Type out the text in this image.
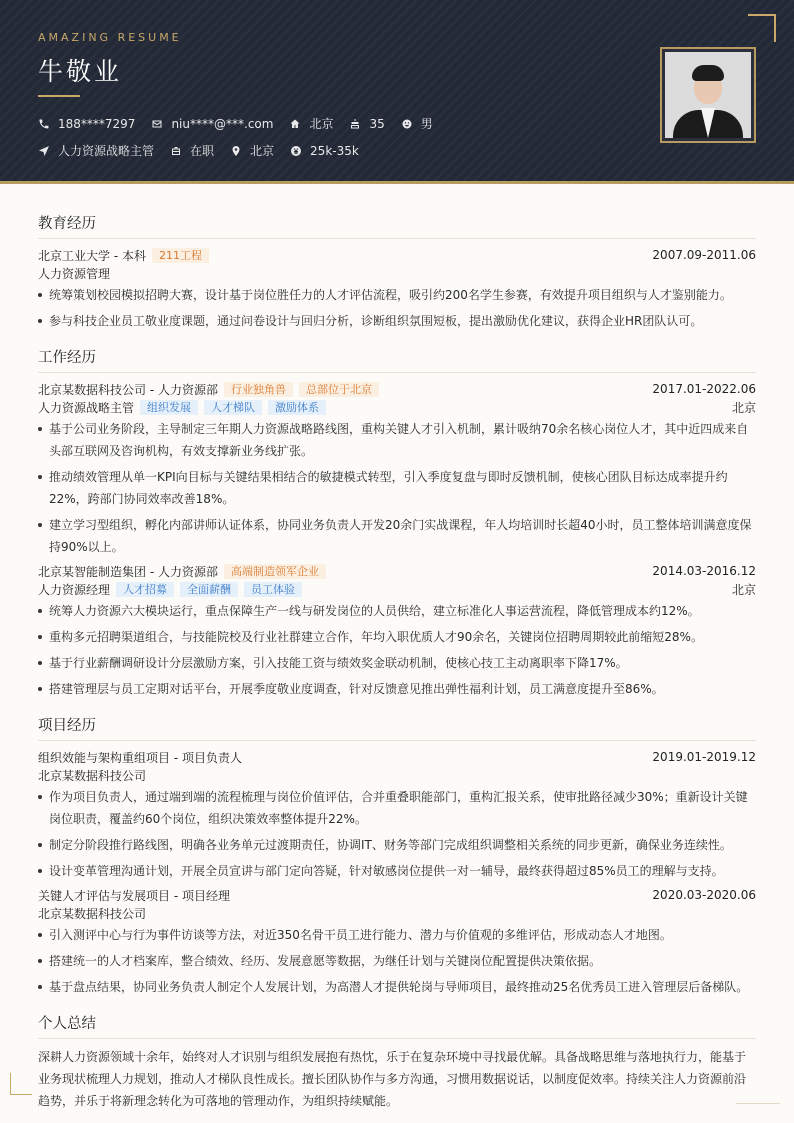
AMAZING RESUME
牛敬业
188****7297	niu****@***.com	北京	35	男
人力资源战略主管	在职	北京	25k-35k
教育经历
北京工业大学 - 本科	211工程	2007.09-2011.06
人力资源管理
统筹策划校园模拟招聘大赛，设计基于岗位胜任力的人才评估流程，吸引约200名学生参赛，有效提升项目组织与人才鉴别能力。
参与科技企业员工敬业度课题，通过问卷设计与回归分析，诊断组织氛围短板，提出激励优化建议，获得企业HR团队认可。
工作经历
北京某数据科技公司 - 人力资源部	行业独角兽	总部位于北京	2017.01-2022.06
人力资源战略主管	组织发展	人才梯队	激励体系	北京
基于公司业务阶段，主导制定三年期人力资源战略路线图，重构关键人才引入机制，累计吸纳70余名核心岗位人才，其中近四成来自头部互联网及咨询机构，有效支撑新业务线扩张。
推动绩效管理从单一KPI向目标与关键结果相结合的敏捷模式转型，引入季度复盘与即时反馈机制，使核心团队目标达成率提升约22%，跨部门协同效率改善18%。
建立学习型组织，孵化内部讲师认证体系，协同业务负责人开发20余门实战课程，年人均培训时长超40小时，员工整体培训满意度保持90%以上。
北京某智能制造集团 - 人力资源部	高端制造领军企业	2014.03-2016.12
人力资源经理	人才招募	全面薪酬	员工体验	北京
统筹人力资源六大模块运行，重点保障生产一线与研发岗位的人员供给，建立标准化人事运营流程，降低管理成本约12%。
重构多元招聘渠道组合，与技能院校及行业社群建立合作，年均入职优质人才90余名，关键岗位招聘周期较此前缩短28%。
基于行业薪酬调研设计分层激励方案，引入技能工资与绩效奖金联动机制，使核心技工主动离职率下降17%。
搭建管理层与员工定期对话平台，开展季度敬业度调查，针对反馈意见推出弹性福利计划，员工满意度提升至86%。
项目经历
组织效能与架构重组项目 - 项目负责人	2019.01-2019.12
北京某数据科技公司
作为项目负责人，通过端到端的流程梳理与岗位价值评估，合并重叠职能部门，重构汇报关系，使审批路径减少30%；重新设计关键岗位职责，覆盖约60个岗位，组织决策效率整体提升22%。
制定分阶段推行路线图，明确各业务单元过渡期责任，协调IT、财务等部门完成组织调整相关系统的同步更新，确保业务连续性。
设计变革管理沟通计划，开展全员宣讲与部门定向答疑，针对敏感岗位提供一对一辅导，最终获得超过85%员工的理解与支持。
关键人才评估与发展项目 - 项目经理	2020.03-2020.06
北京某数据科技公司
引入测评中心与行为事件访谈等方法，对近350名骨干员工进行能力、潜力与价值观的多维评估，形成动态人才地图。
搭建统一的人才档案库，整合绩效、经历、发展意愿等数据，为继任计划与关键岗位配置提供决策依据。
基于盘点结果，协同业务负责人制定个人发展计划，为高潜人才提供轮岗与导师项目，最终推动25名优秀员工进入管理层后备梯队。
个人总结
深耕人力资源领域十余年，始终对人才识别与组织发展抱有热忱，乐于在复杂环境中寻找最优解。具备战略思维与落地执行力，能基于业务现状梳理人力规划，推动人才梯队良性成长。擅长团队协作与多方沟通，习惯用数据说话，以制度促效率。持续关注人力资源前沿趋势，并乐于将新理念转化为可落地的管理动作，为组织持续赋能。
